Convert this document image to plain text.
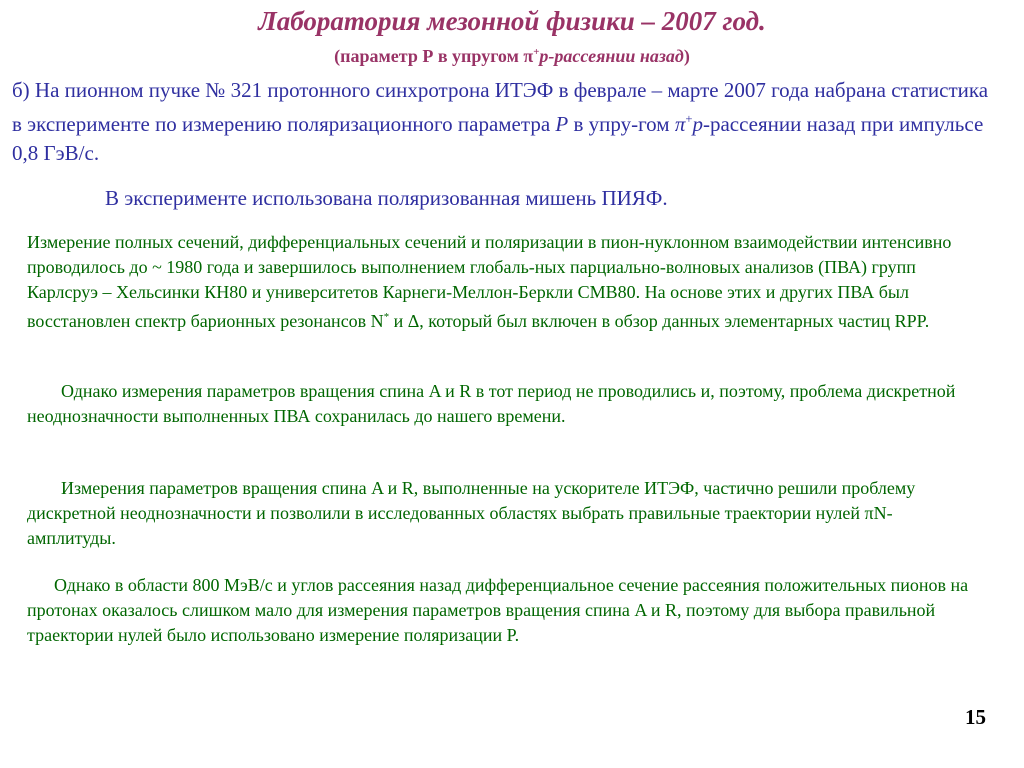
Лаборатория мезонной физики – 2007 год.
(параметр Р в упругом π+p-рассеянии назад)
б) На пионном пучке № 321 протонного синхротрона ИТЭФ в феврале – марте 2007 года набрана статистика в эксперименте по измерению поляризационного параметра P в упру-гом π+p-рассеянии назад при импульсе 0,8 ГэВ/с.
В эксперименте использована поляризованная мишень ПИЯФ.
Измерение полных сечений, дифференциальных сечений и поляризации в пион-нуклонном взаимодействии интенсивно проводилось до ~ 1980 года и завершилось выполнением глобаль-ных парциально-волновых анализов (ПВА) групп Карлсруэ – Хельсинки КН80 и университетов Карнеги-Меллон-Беркли СМВ80. На основе этих и других ПВА был восстановлен спектр барионных резонансов N* и Δ, который был включен в обзор данных элементарных частиц RPP.
Однако измерения параметров вращения спина A и R в тот период не проводились и, поэтому, проблема дискретной неоднозначности выполненных ПВА сохранилась до нашего времени.
Измерения параметров вращения спина A и R, выполненные на ускорителе ИТЭФ, частично решили проблему дискретной неоднозначности и позволили в исследованных областях выбрать правильные траектории нулей πN-амплитуды.
Однако в области 800 МэВ/с и углов рассеяния назад дифференциальное сечение рассеяния положительных пионов на протонах оказалось слишком мало для измерения параметров вращения спина A и R, поэтому для выбора правильной траектории нулей было использовано измерение поляризации P.
15
